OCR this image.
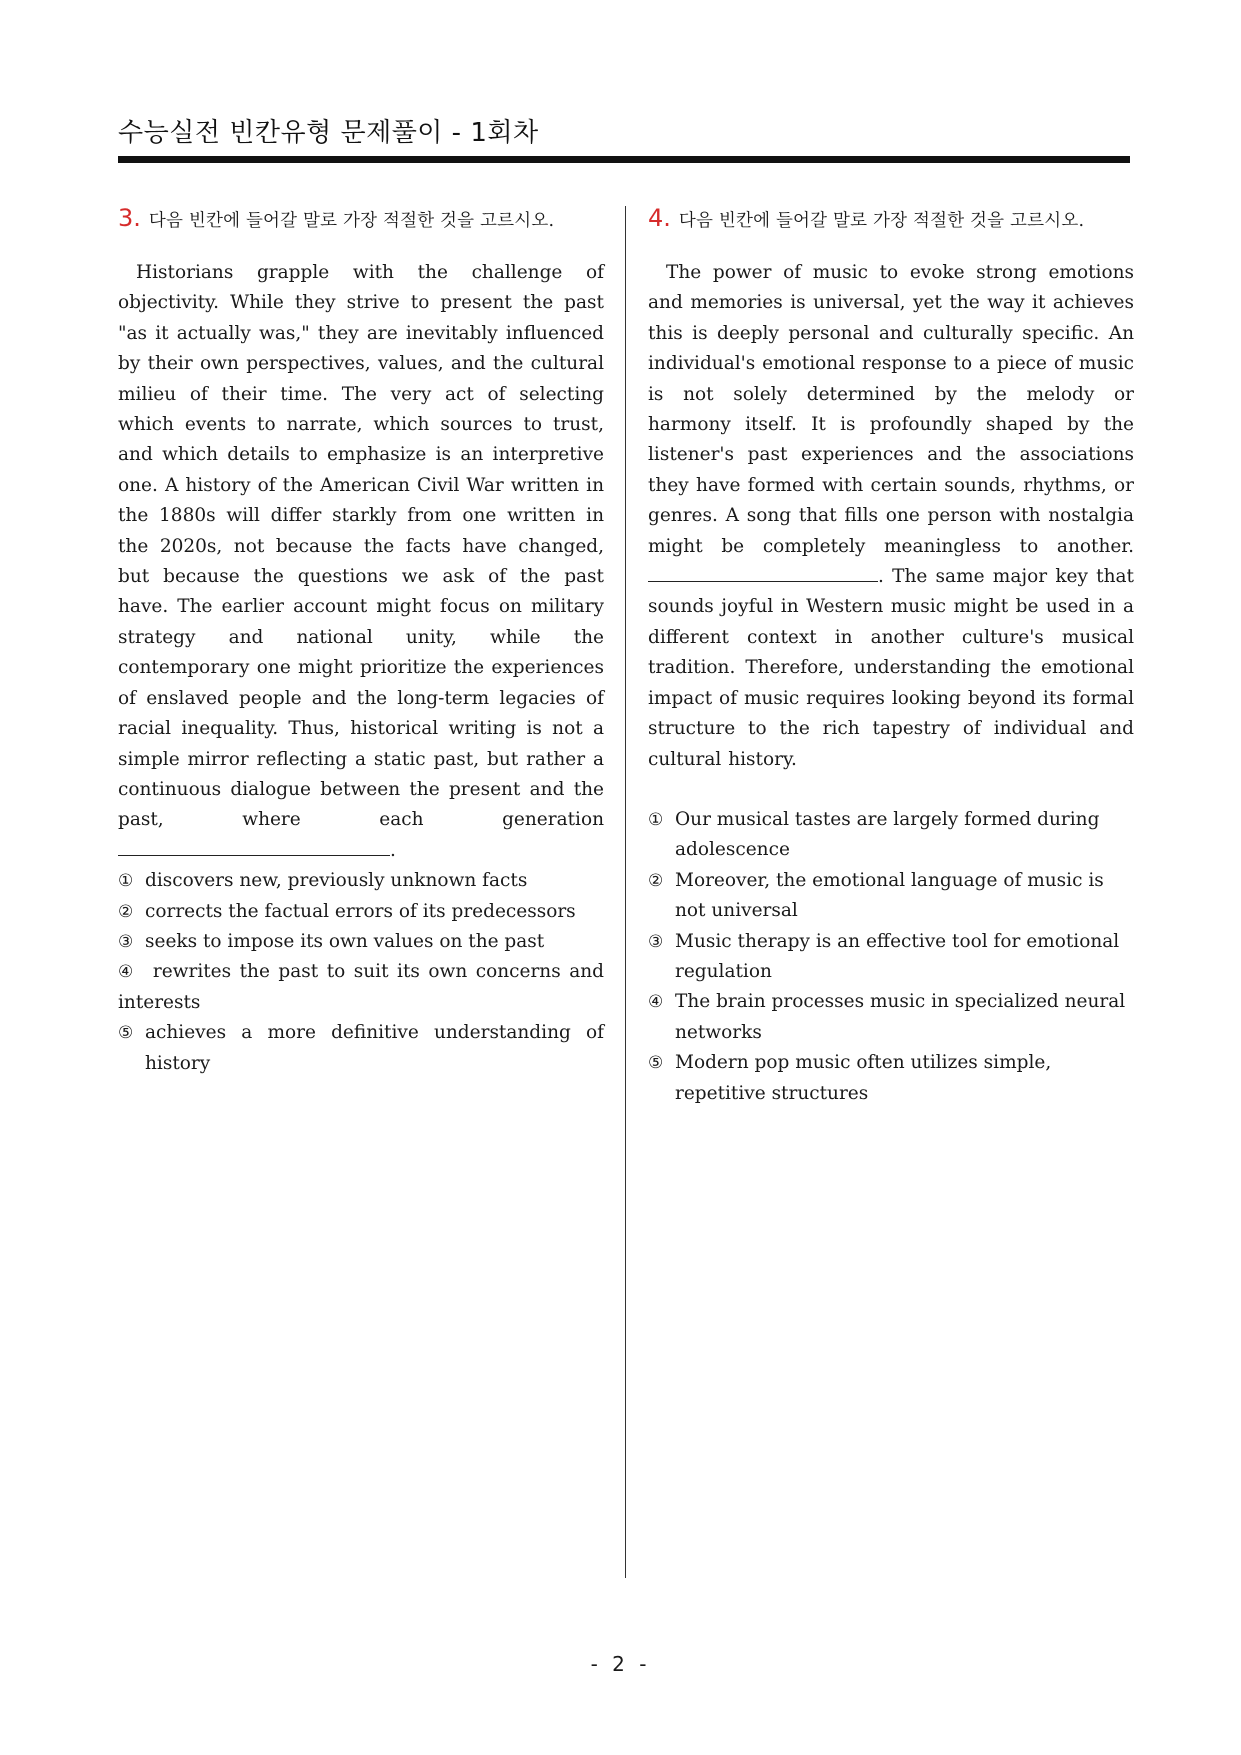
수능실전 빈칸유형 문제풀이 - 1회차
3. 다음 빈칸에 들어갈 말로 가장 적절한 것을 고르시오.
Historians grapple with the challenge of objectivity. While they strive to present the past "as it actually was," they are inevitably influenced by their own perspectives, values, and the cultural milieu of their time. The very act of selecting which events to narrate, which sources to trust, and which details to emphasize is an interpretive one. A history of the American Civil War written in the 1880s will differ starkly from one written in the 2020s, not because the facts have changed, but because the questions we ask of the past have. The earlier account might focus on military strategy and national unity, while the contemporary one might prioritize the experiences of enslaved people and the long-term legacies of racial inequality. Thus, historical writing is not a simple mirror reflecting a static past, but rather a continuous dialogue between the present and the past, where each generation .
① discovers new, previously unknown facts
② corrects the factual errors of its predecessors
③ seeks to impose its own values on the past
④ rewrites the past to suit its own concerns and interests
⑤ achieves a more definitive understanding of history
4. 다음 빈칸에 들어갈 말로 가장 적절한 것을 고르시오.
The power of music to evoke strong emotions and memories is universal, yet the way it achieves this is deeply personal and culturally specific. An individual's emotional response to a piece of music is not solely determined by the melody or harmony itself. It is profoundly shaped by the listener's past experiences and the associations they have formed with certain sounds, rhythms, or genres. A song that fills one person with nostalgia might be completely meaningless to another. . The same major key that sounds joyful in Western music might be used in a different context in another culture's musical tradition. Therefore, understanding the emotional impact of music requires looking beyond its formal structure to the rich tapestry of individual and cultural history.
① Our musical tastes are largely formed during adolescence
② Moreover, the emotional language of music is not universal
③ Music therapy is an effective tool for emotional regulation
④ The brain processes music in specialized neural networks
⑤ Modern pop music often utilizes simple, repetitive structures
- 2 -
